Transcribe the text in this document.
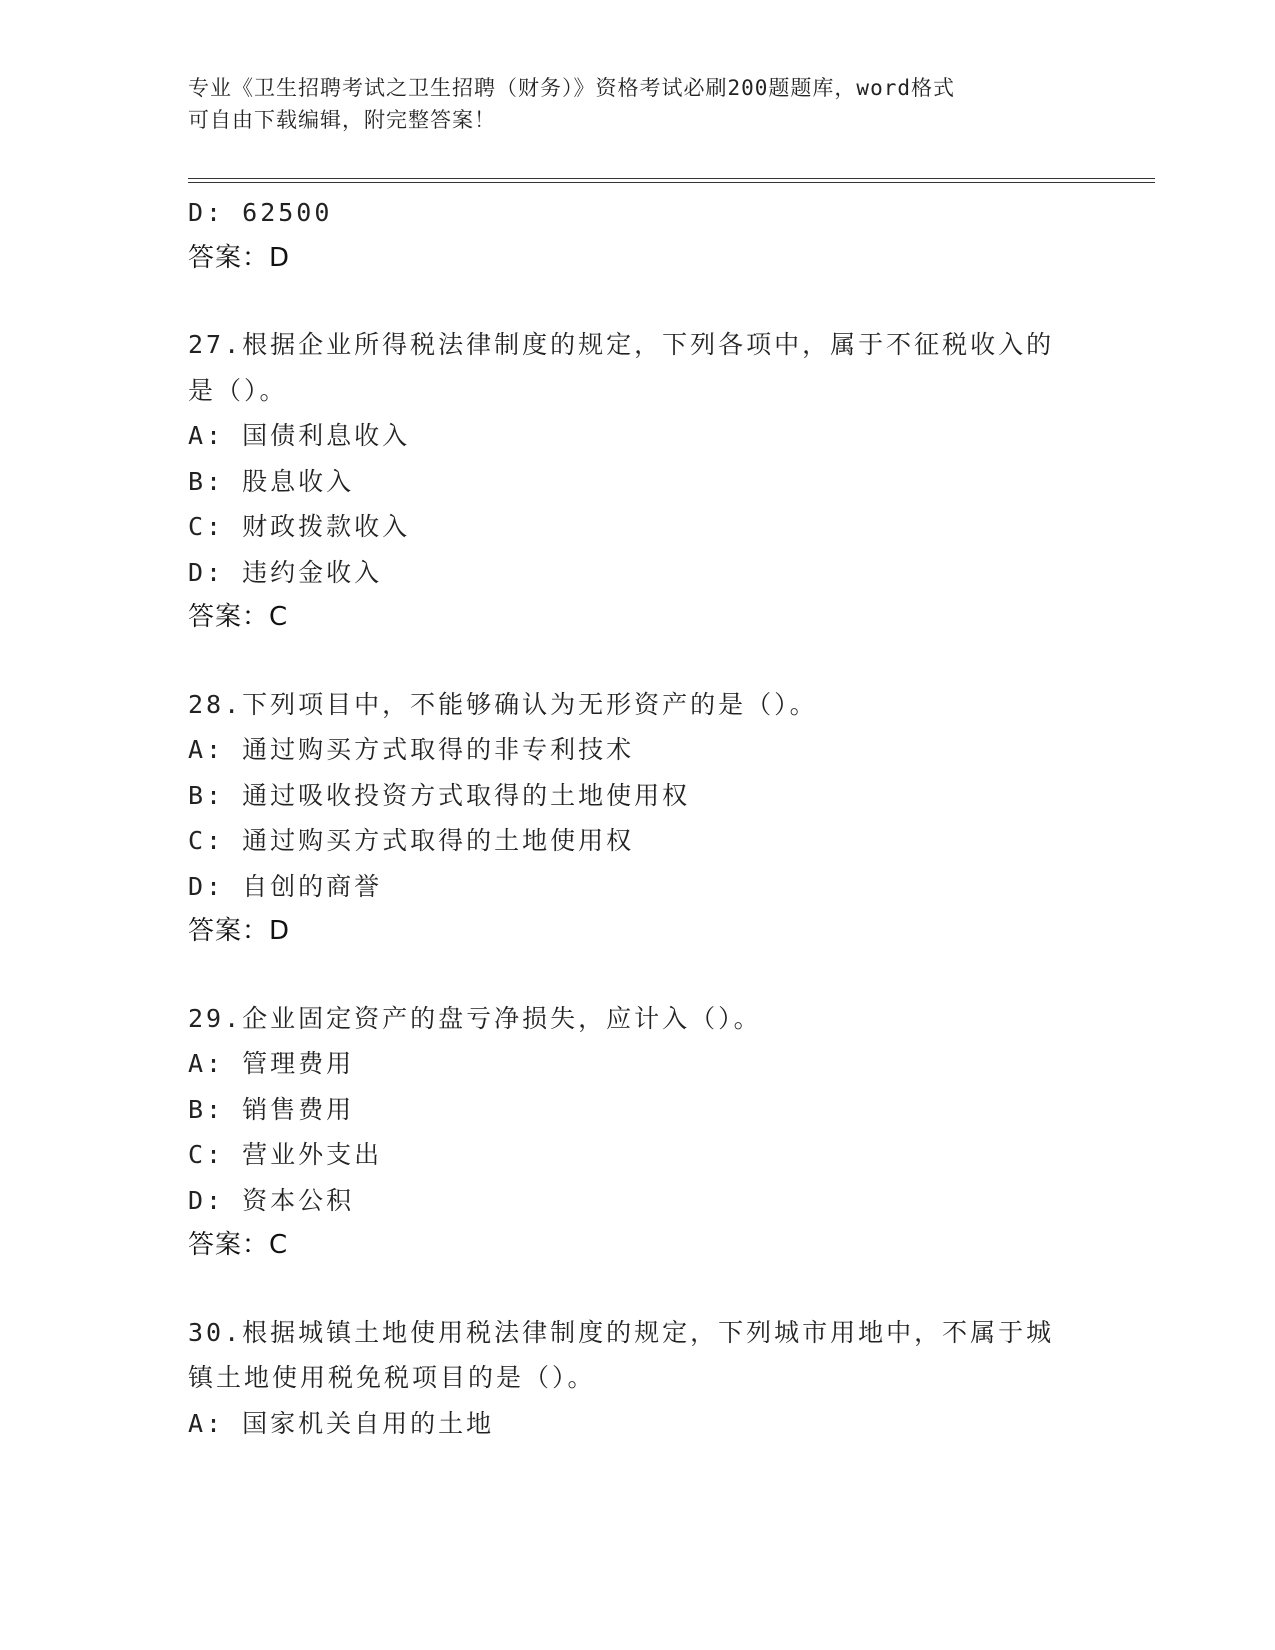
专业《卫生招聘考试之卫生招聘（财务）》资格考试必刷200题题库，word格式
可自由下载编辑，附完整答案！
D: 62500
答案：D
27.根据企业所得税法律制度的规定，下列各项中，属于不征税收入的
是（）。
A: 国债利息收入
B: 股息收入
C: 财政拨款收入
D: 违约金收入
答案：C
28.下列项目中，不能够确认为无形资产的是（）。
A: 通过购买方式取得的非专利技术
B: 通过吸收投资方式取得的土地使用权
C: 通过购买方式取得的土地使用权
D: 自创的商誉
答案：D
29.企业固定资产的盘亏净损失，应计入（）。
A: 管理费用
B: 销售费用
C: 营业外支出
D: 资本公积
答案：C
30.根据城镇土地使用税法律制度的规定，下列城市用地中，不属于城
镇土地使用税免税项目的是（）。
A: 国家机关自用的土地
